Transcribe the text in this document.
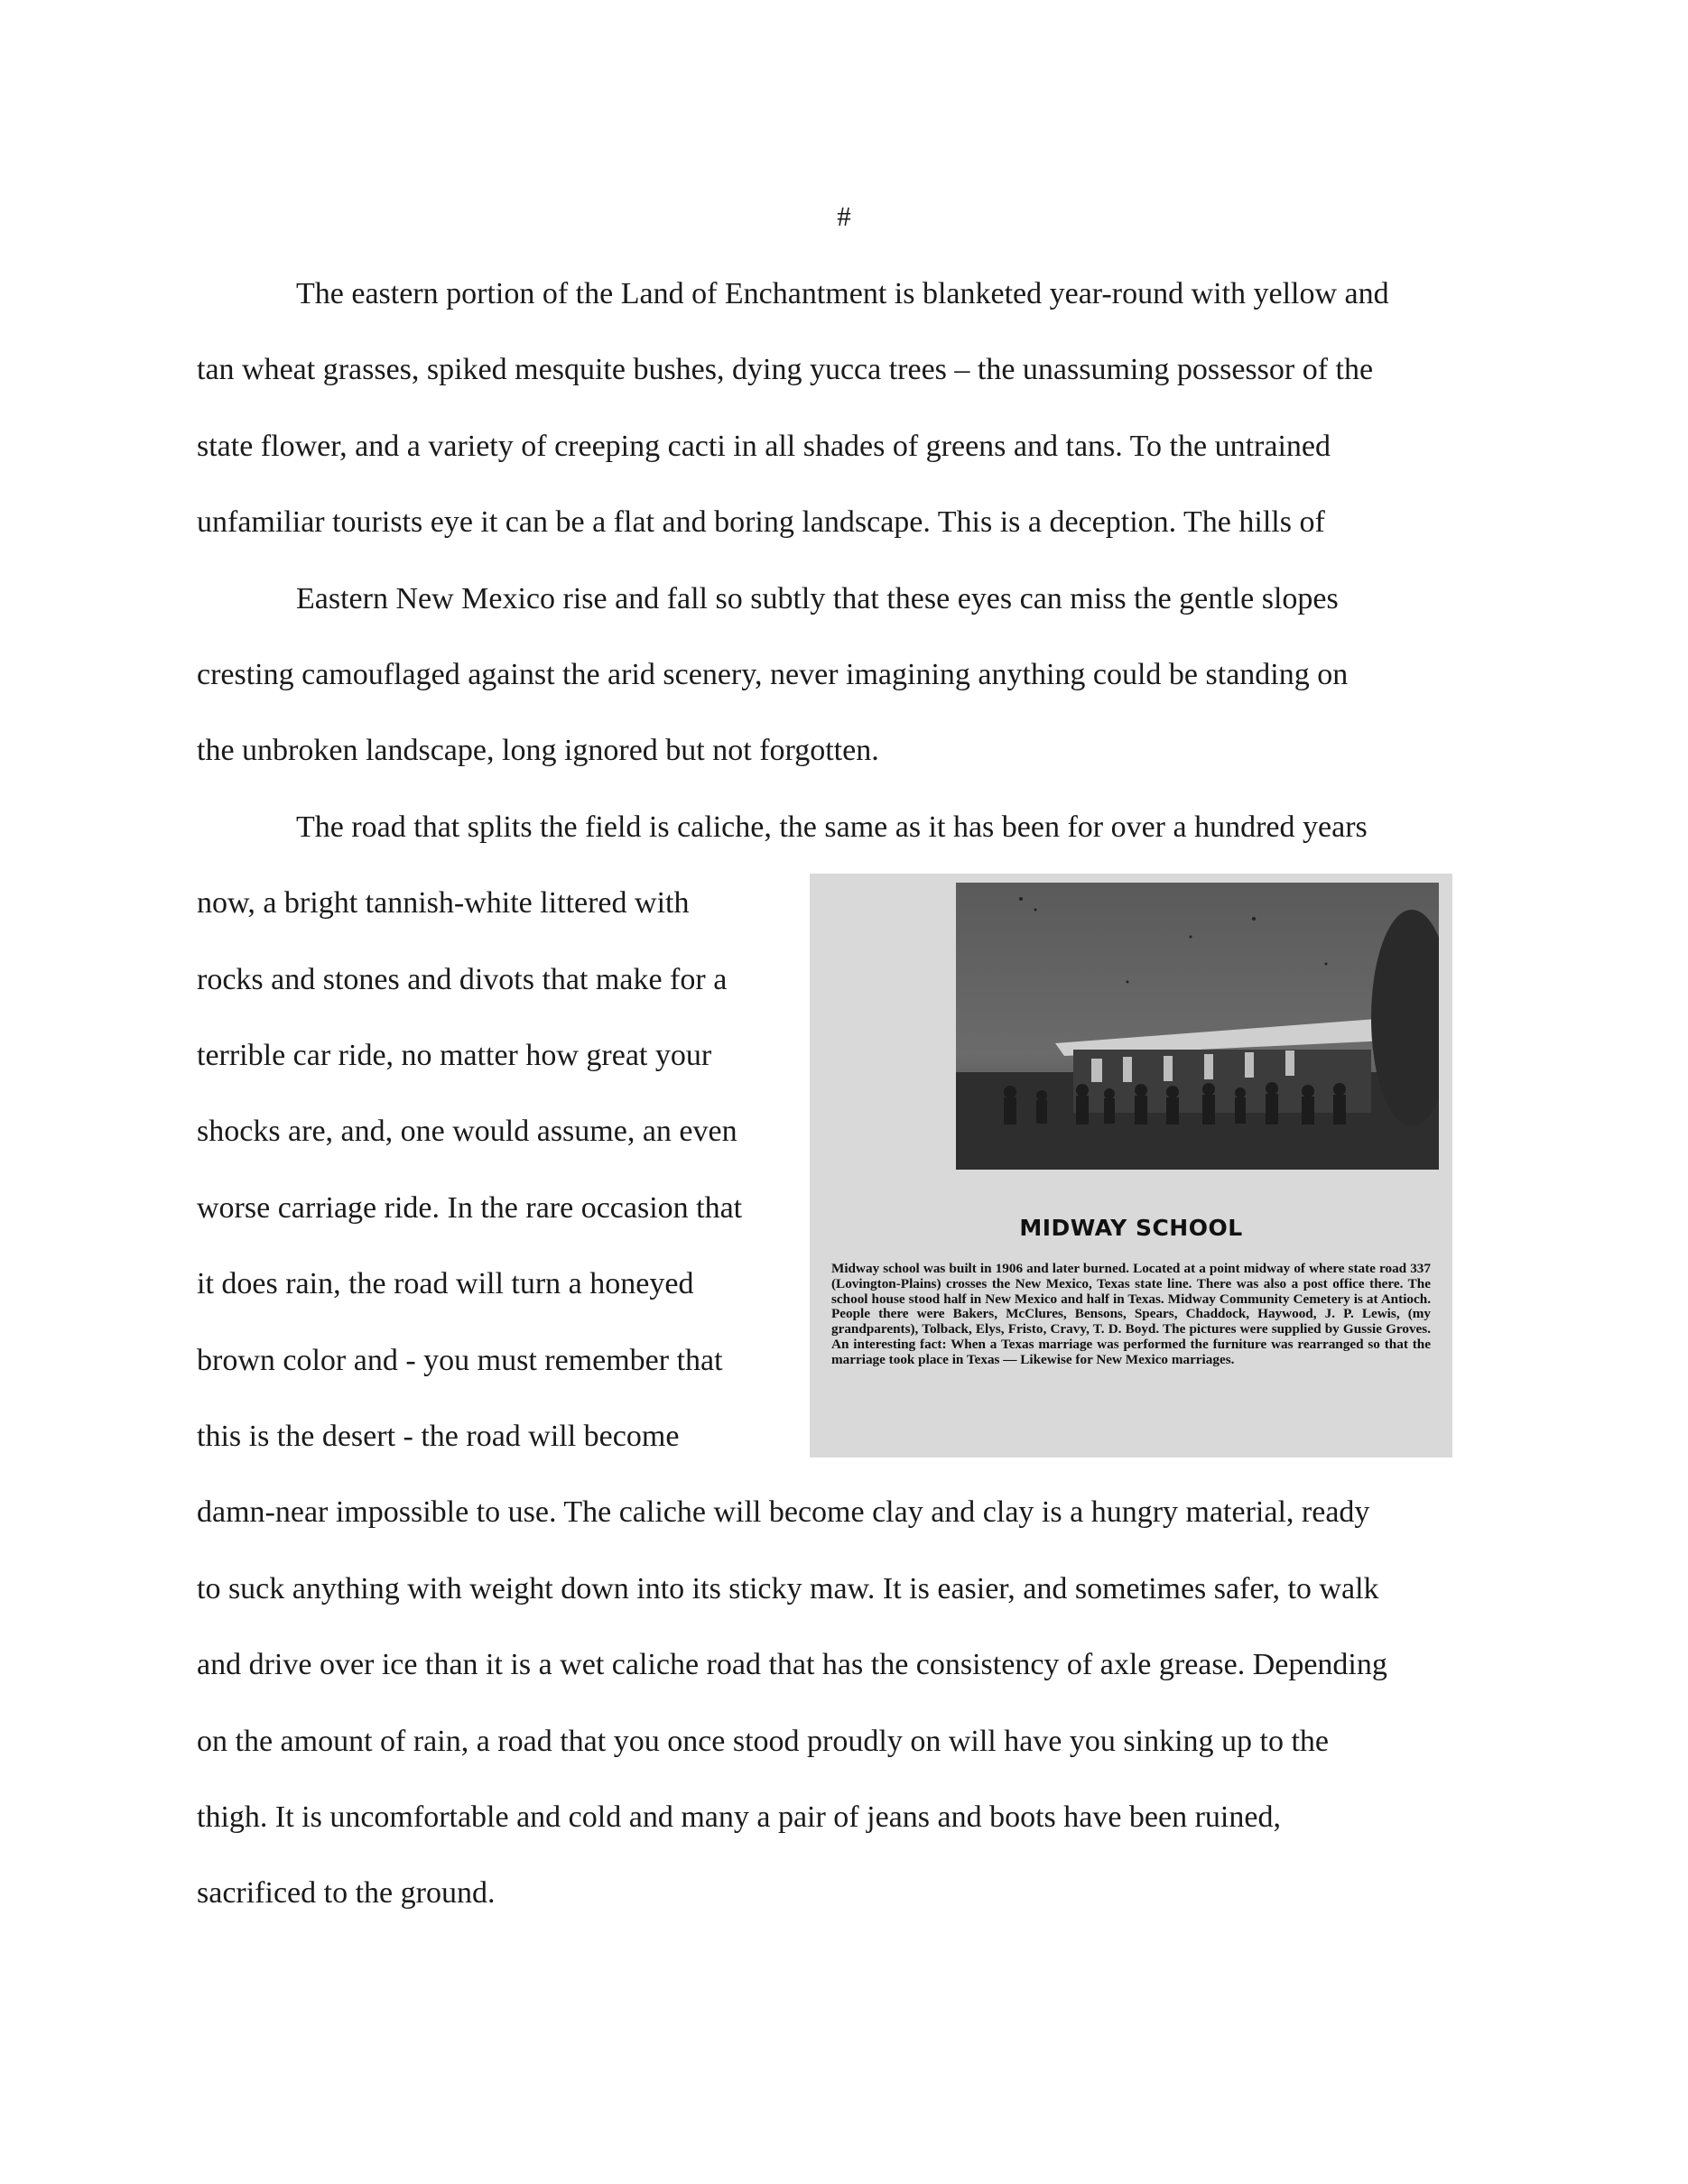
#
The eastern portion of the Land of Enchantment is blanketed year-round with yellow and
tan wheat grasses, spiked mesquite bushes, dying yucca trees – the unassuming possessor of the
state flower, and a variety of creeping cacti in all shades of greens and tans. To the untrained
unfamiliar tourists eye it can be a flat and boring landscape. This is a deception. The hills of
Eastern New Mexico rise and fall so subtly that these eyes can miss the gentle slopes
cresting camouflaged against the arid scenery, never imagining anything could be standing on
the unbroken landscape, long ignored but not forgotten.
The road that splits the field is caliche, the same as it has been for over a hundred years
now, a bright tannish-white littered with
rocks and stones and divots that make for a
terrible car ride, no matter how great your
shocks are, and, one would assume, an even
worse carriage ride. In the rare occasion that
it does rain, the road will turn a honeyed
brown color and - you must remember that
this is the desert - the road will become
damn-near impossible to use. The caliche will become clay and clay is a hungry material, ready
to suck anything with weight down into its sticky maw. It is easier, and sometimes safer, to walk
and drive over ice than it is a wet caliche road that has the consistency of axle grease. Depending
on the amount of rain, a road that you once stood proudly on will have you sinking up to the
thigh. It is uncomfortable and cold and many a pair of jeans and boots have been ruined,
sacrificed to the ground.
MIDWAY SCHOOL
Midway school was built in 1906 and later burned. Located at a point midway of where state road 337 (Lovington-Plains) crosses the New Mexico, Texas state line. There was also a post office there. The school house stood half in New Mexico and half in Texas. Midway Community Cemetery is at Antioch. People there were Bakers, McClures, Bensons, Spears, Chaddock, Haywood, J. P. Lewis, (my grandparents), Tolback, Elys, Fristo, Cravy, T. D. Boyd. The pictures were supplied by Gussie Groves. An interesting fact: When a Texas marriage was performed the furniture was rearranged so that the marriage took place in Texas — Likewise for New Mexico marriages.
